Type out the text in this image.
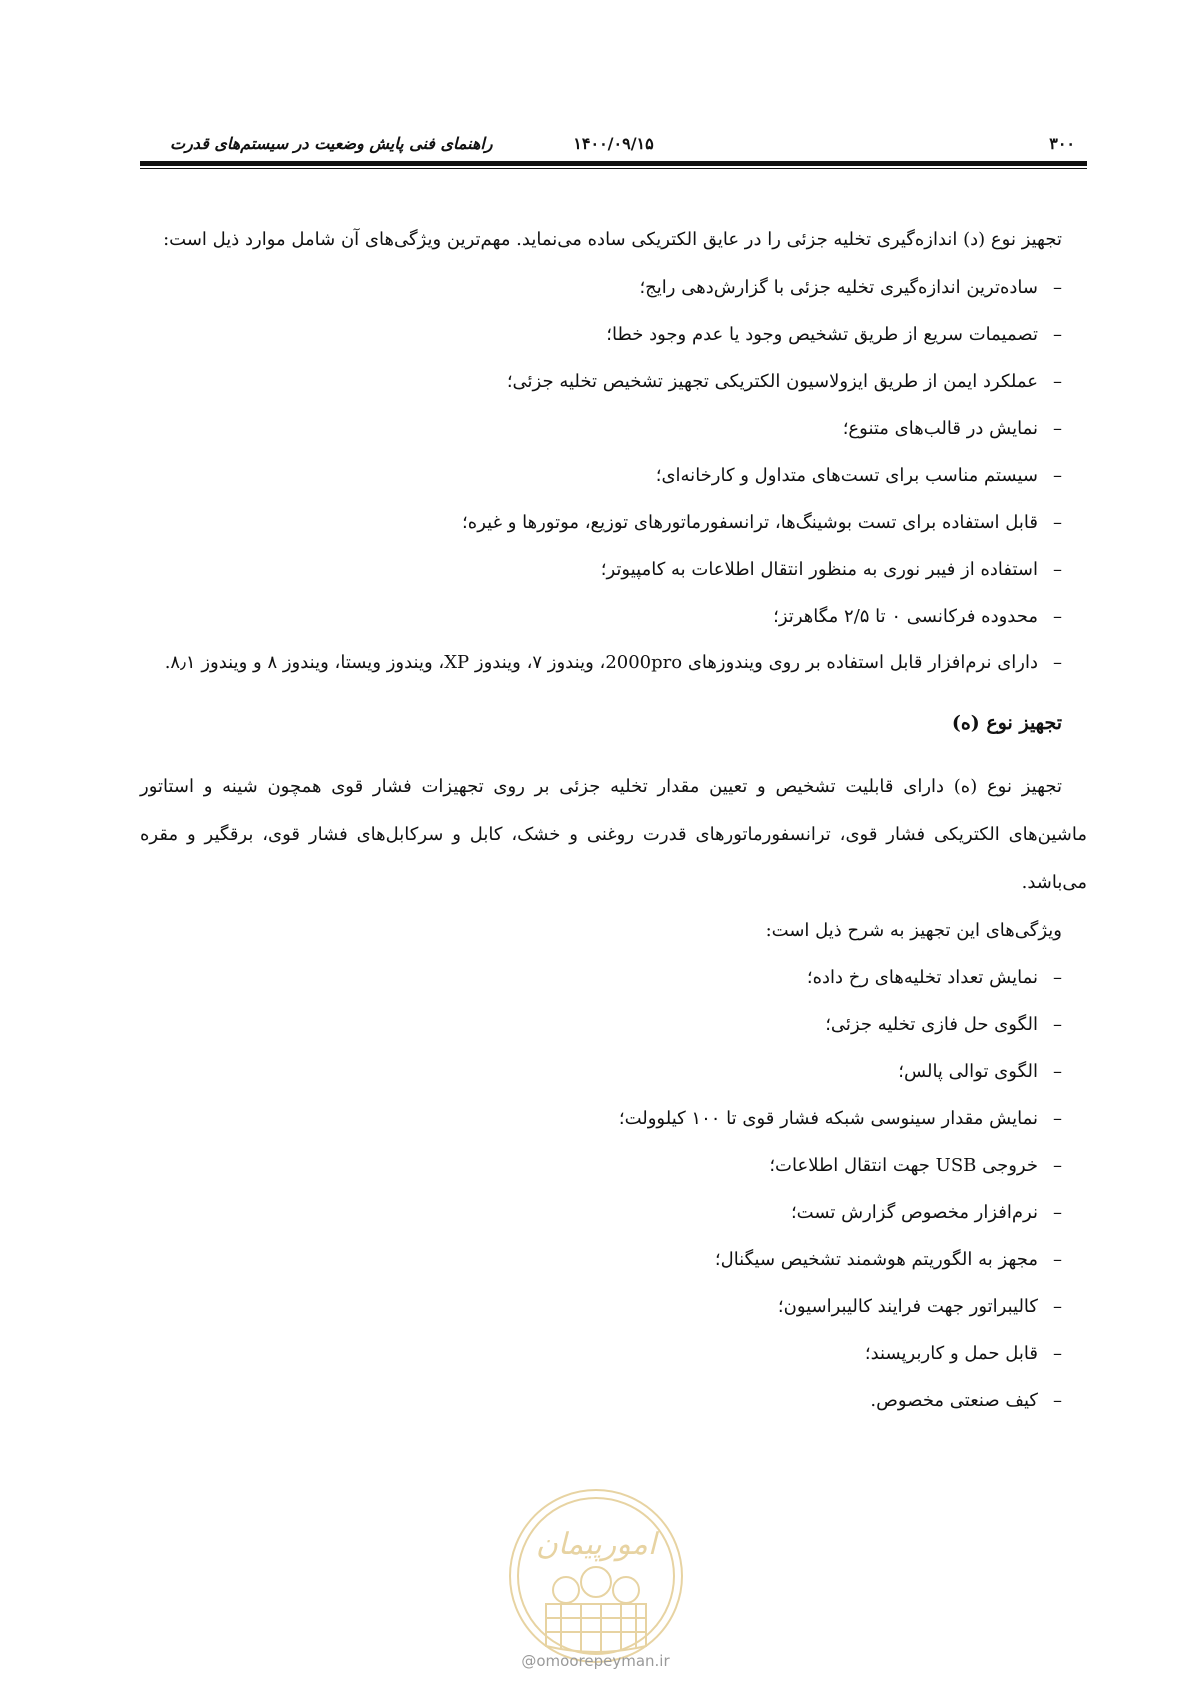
۳۰۰
۱۴۰۰/۰۹/۱۵
راهنمای فنی پایش وضعیت در سیستم‌های قدرت

تجهیز نوع (د) اندازه‌گیری تخلیه جزئی را در عایق الکتریکی ساده می‌نماید. مهم‌ترین ویژگی‌های آن شامل موارد ذیل است:

– ساده‌ترین اندازه‌گیری تخلیه جزئی با گزارش‌دهی رایج؛
– تصمیمات سریع از طریق تشخیص وجود یا عدم وجود خطا؛
– عملکرد ایمن از طریق ایزولاسیون الکتریکی تجهیز تشخیص تخلیه جزئی؛
– نمایش در قالب‌های متنوع؛
– سیستم مناسب برای تست‌های متداول و کارخانه‌ای؛
– قابل استفاده برای تست بوشینگ‌ها، ترانسفورماتورهای توزیع، موتورها و غیره؛
– استفاده از فیبر نوری به منظور انتقال اطلاعات به کامپیوتر؛
– محدوده فرکانسی ۰ تا ۲/۵ مگاهرتز؛
– دارای نرم‌افزار قابل استفاده بر روی ویندوزهای 2000pro، ویندوز ۷، ویندوز XP، ویندوز ویستا، ویندوز ۸ و ویندوز ۸٫۱.
تجهیز نوع (ه)

تجهیز نوع (ه) دارای قابلیت تشخیص و تعیین مقدار تخلیه جزئی بر روی تجهیزات فشار قوی همچون شینه و استاتور ماشین‌های الکتریکی فشار قوی، ترانسفورماتورهای قدرت روغنی و خشک، کابل و سرکابل‌های فشار قوی، برقگیر و مقره می‌باشد.

ویژگی‌های این تجهیز به شرح ذیل است:
– نمایش تعداد تخلیه‌های رخ داده؛
– الگوی حل فازی تخلیه جزئی؛
– الگوی توالی پالس؛
– نمایش مقدار سینوسی شبکه فشار قوی تا ۱۰۰ کیلوولت؛
– خروجی USB جهت انتقال اطلاعات؛
– نرم‌افزار مخصوص گزارش تست؛
– مجهز به الگوریتم هوشمند تشخیص سیگنال؛
– کالیبراتور جهت فرایند کالیبراسیون؛
– قابل حمل و کاربرپسند؛
– کیف صنعتی مخصوص.
امورپیمان
@omoorepeyman.ir
